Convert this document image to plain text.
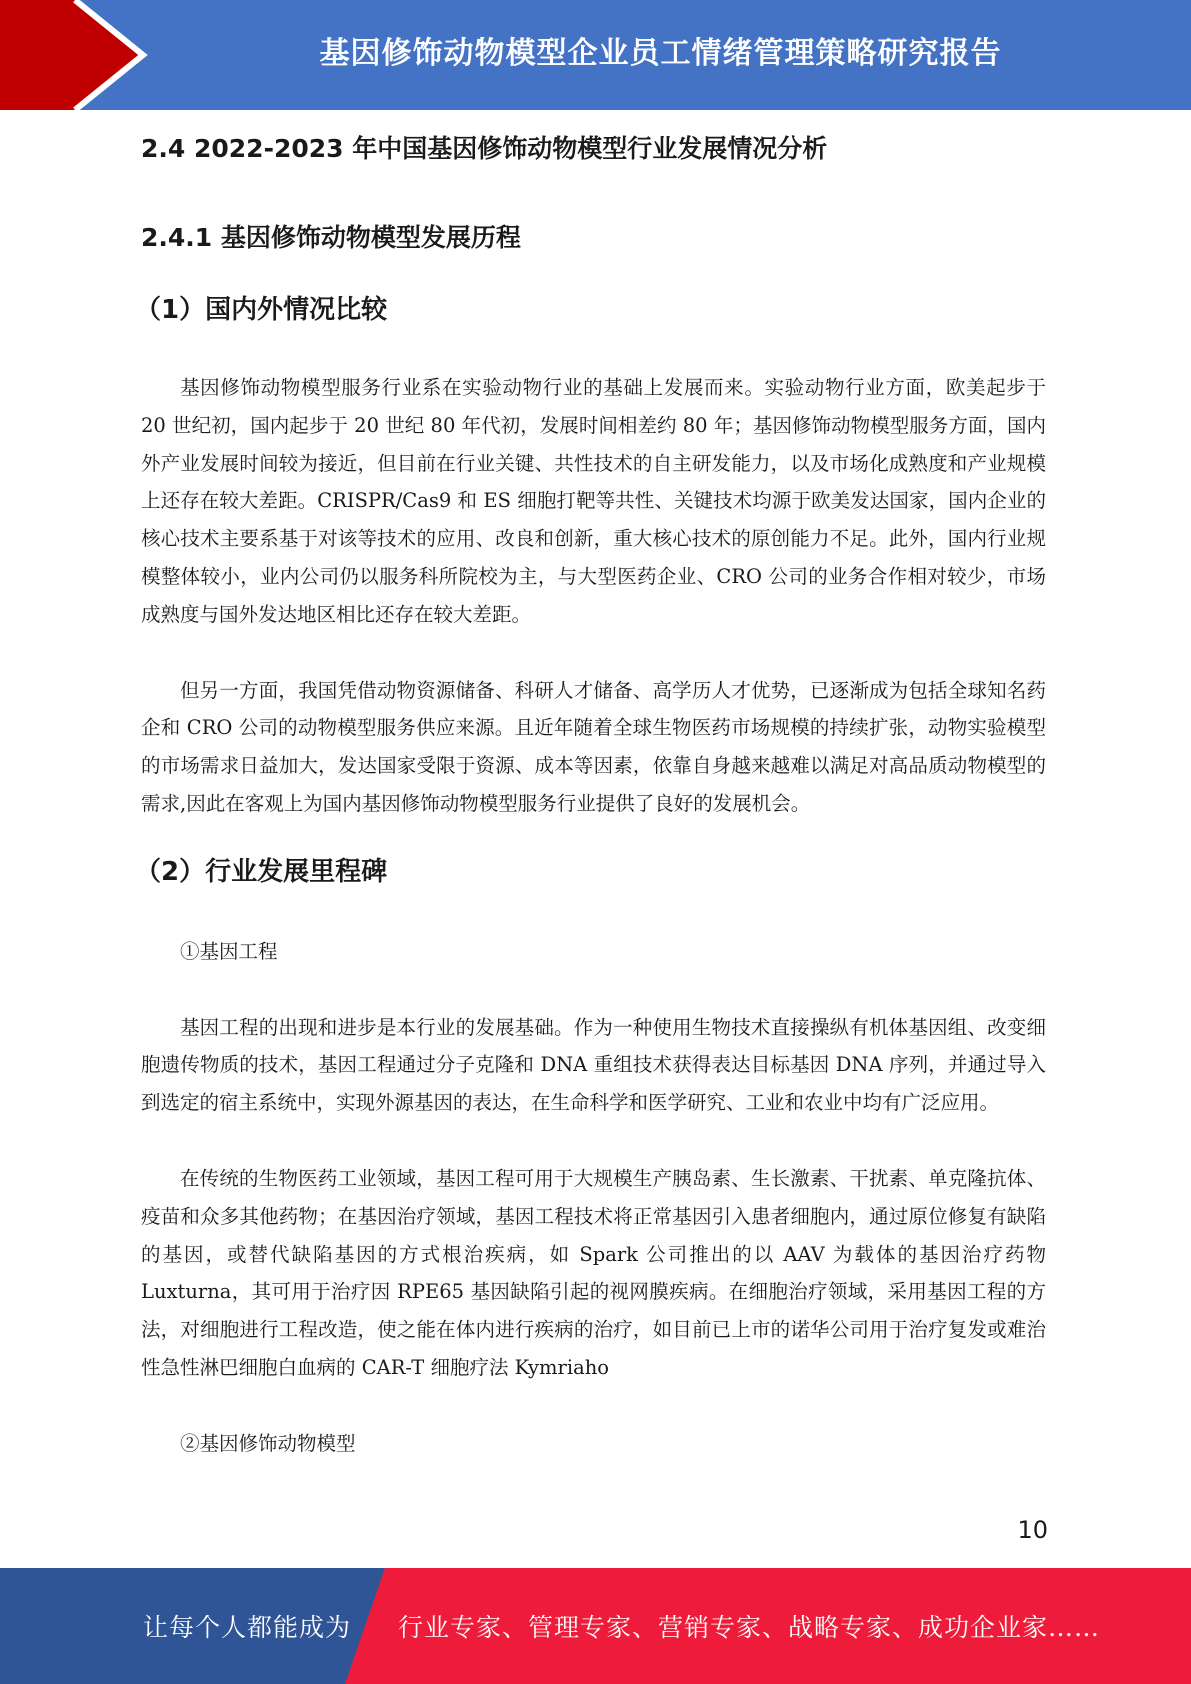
基因修饰动物模型企业员工情绪管理策略研究报告
2.4 2022-2023 年中国基因修饰动物模型行业发展情况分析
2.4.1 基因修饰动物模型发展历程
（1）国内外情况比较

基因修饰动物模型服务行业系在实验动物行业的基础上发展而来。实验动物行业方面，欧美起步于 20 世纪初，国内起步于 20 世纪 80 年代初，发展时间相差约 80 年；基因修饰动物模型服务方面，国内外产业发展时间较为接近，但目前在行业关键、共性技术的自主研发能力，以及市场化成熟度和产业规模上还存在较大差距。CRISPR/Cas9 和 ES 细胞打靶等共性、关键技术均源于欧美发达国家，国内企业的核心技术主要系基于对该等技术的应用、改良和创新，重大核心技术的原创能力不足。此外，国内行业规模整体较小，业内公司仍以服务科所院校为主，与大型医药企业、CRO 公司的业务合作相对较少，市场成熟度与国外发达地区相比还存在较大差距。

但另一方面，我国凭借动物资源储备、科研人才储备、高学历人才优势，已逐渐成为包括全球知名药企和 CRO 公司的动物模型服务供应来源。且近年随着全球生物医药市场规模的持续扩张，动物实验模型的市场需求日益加大，发达国家受限于资源、成本等因素，依靠自身越来越难以满足对高品质动物模型的需求,因此在客观上为国内基因修饰动物模型服务行业提供了良好的发展机会。

（2）行业发展里程碑

①基因工程

基因工程的出现和进步是本行业的发展基础。作为一种使用生物技术直接操纵有机体基因组、改变细胞遗传物质的技术，基因工程通过分子克隆和 DNA 重组技术获得表达目标基因 DNA 序列，并通过导入到选定的宿主系统中，实现外源基因的表达，在生命科学和医学研究、工业和农业中均有广泛应用。

在传统的生物医药工业领域，基因工程可用于大规模生产胰岛素、生长激素、干扰素、单克隆抗体、疫苗和众多其他药物；在基因治疗领域，基因工程技术将正常基因引入患者细胞内，通过原位修复有缺陷的基因，或替代缺陷基因的方式根治疾病，如 Spark 公司推出的以 AAV 为载体的基因治疗药物 Luxturna，其可用于治疗因 RPE65 基因缺陷引起的视网膜疾病。在细胞治疗领域，采用基因工程的方法，对细胞进行工程改造，使之能在体内进行疾病的治疗，如目前已上市的诺华公司用于治疗复发或难治性急性淋巴细胞白血病的 CAR-T 细胞疗法 Kymriaho

②基因修饰动物模型

10
让每个人都能成为 行业专家、管理专家、营销专家、战略专家、成功企业家……
